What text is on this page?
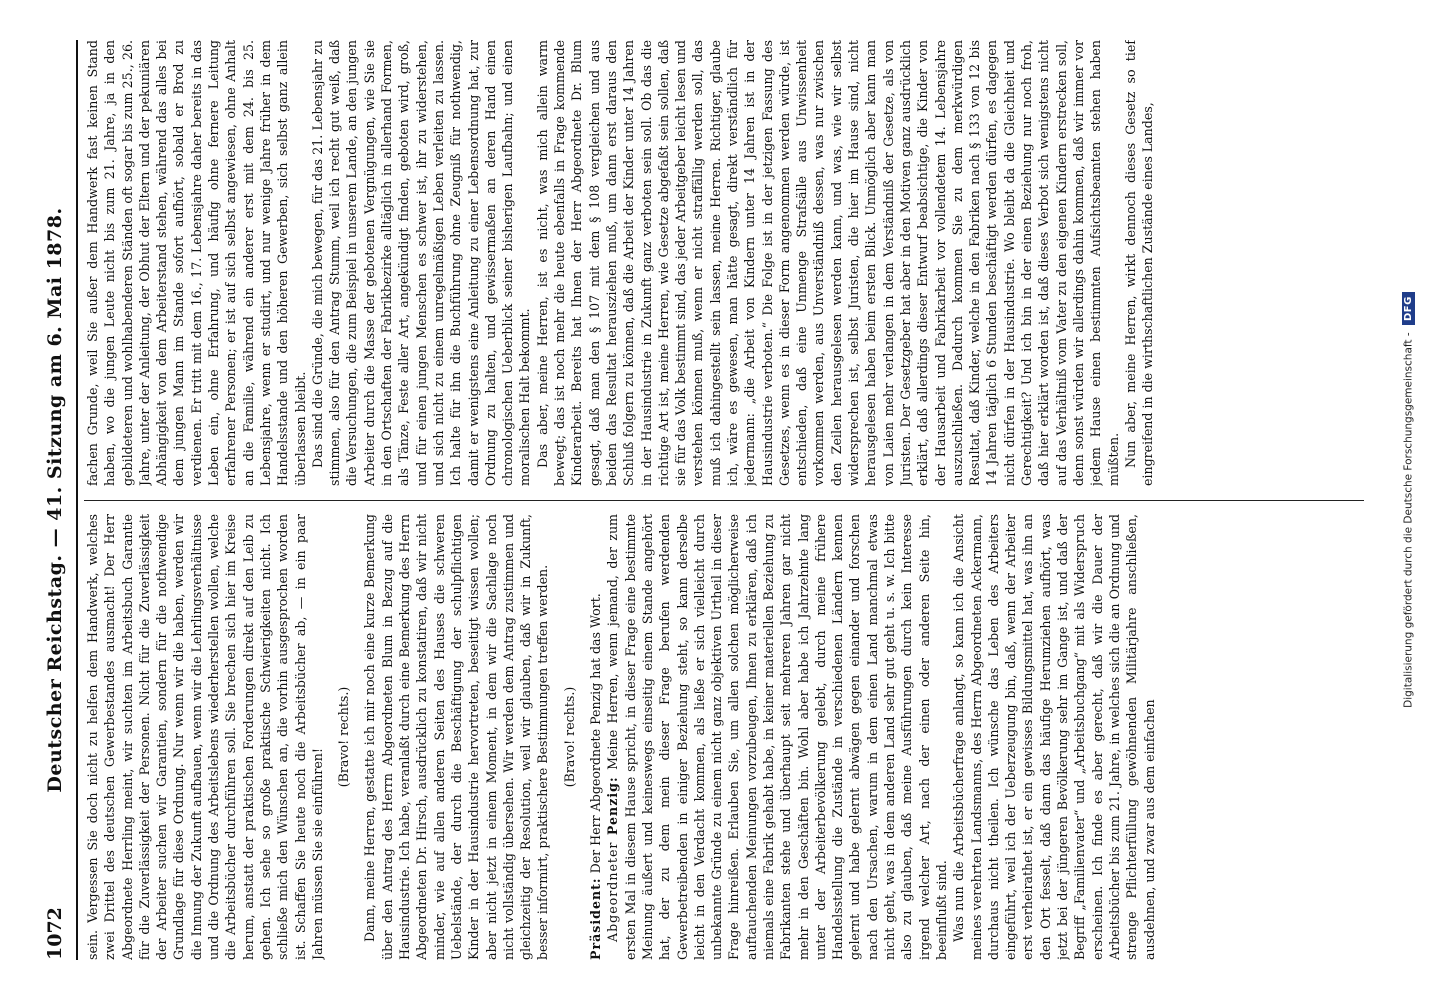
1072
Deutscher Reichstag. — 41. Sitzung am 6. Mai 1878. sein. Vergessen Sie doch nicht zu helfen dem Handwerk, welches zwei Drittel des deutschen Gewerbestandes ausmacht! Der Herr Abgeordnete Herrling meint, wir suchten im Arbeitsbuch Garantie für die Zuverlässigkeit der Personen. Nicht für die Zuverlässigkeit der Arbeiter suchen wir Garantien, sondern für die nothwendige Grundlage für diese Ordnung. Nur wenn wir die haben, werden wir die Innung der Zukunft aufbauen, wenn wir die Lehrlingsverhältnisse und die Ordnung des Arbeitslebens wiederherstellen wollen, welche die Arbeitsbücher durchführen soll. Sie brechen sich hier im Kreise herum, anstatt der praktischen Forderungen direkt auf den Leib zu gehen. Ich sehe so große praktische Schwierigkeiten nicht. Ich schließe mich den Wünschen an, die vorhin ausgesprochen worden ist. Schaffen Sie heute noch die Arbeitsbücher ab, — in ein paar Jahren müssen Sie sie einführen!

(Bravo! rechts.) Dann, meine Herren, gestatte ich mir noch eine kurze Bemerkung über den Antrag des Herrn Abgeordneten Blum in Bezug auf die Hausindustrie. Ich habe, veranlaßt durch eine Bemerkung des Herrn Abgeordneten Dr. Hirsch, ausdrücklich zu konstatiren, daß wir nicht minder, wie auf allen anderen Seiten des Hauses die schweren Uebelstände, der durch die Beschäftigung der schulpflichtigen Kinder in der Hausindustrie hervortreten, beseitigt wissen wollen; aber nicht jetzt in einem Moment, in dem wir die Sachlage noch nicht vollständig übersehen. Wir werden dem Antrag zustimmen und gleichzeitig der Resolution, weil wir glauben, daß wir in Zukunft, besser informirt, praktischere Bestimmungen treffen werden. (Bravo! rechts.)

Präsident: Der Herr Abgeordnete Penzig hat das Wort.

Abgeordneter Penzig: Meine Herren, wenn jemand, der zum ersten Mal in diesem Hause spricht, in dieser Frage eine bestimmte Meinung äußert und keineswegs einseitig einem Stande angehört hat, der zu dem mein dieser Frage berufen werdenden Gewerbetreibenden in einiger Beziehung steht, so kann derselbe leicht in den Verdacht kommen, als ließe er sich vielleicht durch unbekannte Gründe zu einem nicht ganz objektiven Urtheil in dieser Frage hinreißen. Erlauben Sie, um allen solchen möglicherweise auftauchenden Meinungen vorzubeugen, Ihnen zu erklären, daß ich niemals eine Fabrik gehabt habe, in keiner materiellen Beziehung zu Fabrikanten stehe und überhaupt seit mehreren Jahren gar nicht mehr in den Geschäften bin. Wohl aber habe ich Jahrzehnte lang unter der Arbeiterbevölkerung gelebt, durch meine frühere Handelsstellung die Zustände in verschiedenen Ländern kennen gelernt und habe gelernt abwägen gegen einander und forschen nach den Ursachen, warum in dem einen Land manchmal etwas nicht geht, was in dem anderen Land sehr gut geht u. s. w. Ich bitte also zu glauben, daß meine Ausführungen durch kein Interesse irgend welcher Art, nach der einen oder anderen Seite hin, beeinflußt sind. Was nun die Arbeitsbücherfrage anlangt, so kann ich die Ansicht meines verehrten Landsmanns, des Herrn Abgeordneten Ackermann, durchaus nicht theilen. Ich wünsche das Leben des Arbeiters eingeführt, weil ich der Ueberzeugung bin, daß, wenn der Arbeiter erst verheirathet ist, er ein gewisses Bildungsmittel hat, was ihn an den Ort fesselt, daß dann das häufige Herumziehen aufhört, was jetzt bei der jüngeren Bevölkerung sehr im Gange ist, und daß der Begriff „Familienvater“ und „Arbeitsbuchgang“ mit als Widerspruch erscheinen. Ich finde es aber gerecht, daß wir die Dauer der Arbeitsbücher bis zum 21. Jahre, in welches sich die an Ordnung und strenge Pflichterfüllung gewöhnenden Militärjahre anschließen, ausdehnen, und zwar aus dem einfachen

fachen Grunde, weil Sie außer dem Handwerk fast keinen Stand haben, wo die jungen Leute nicht bis zum 21. Jahre, ja in den gebildeteren und wohlhabenderen Ständen oft sogar bis zum 25., 26. Jahre, unter der Anleitung, der Obhut der Eltern und der pekuniären Abhängigkeit von dem Arbeiterstand stehen, während das alles bei dem jungen Mann im Stande sofort aufhört, sobald er Brod zu verdienen. Er tritt mit dem 16., 17. Lebensjahre daher bereits in das Leben ein, ohne Erfahrung, und häufig ohne fernere Leitung erfahrener Personen; er ist auf sich selbst angewiesen, ohne Anhalt an die Familie, während ein anderer erst mit dem 24. bis 25. Lebensjahre, wenn er studirt, und nur wenige Jahre früher in dem Handelsstande und den höheren Gewerben, sich selbst ganz allein überlassen bleibt. Das sind die Gründe, die mich bewegen, für das 21. Lebensjahr zu stimmen, also für den Antrag Stumm, weil ich recht gut weiß, daß die Versuchungen, die zum Beispiel in unserem Lande, an den jungen Arbeiter durch die Masse der gebotenen Vergnügungen, wie Sie sie in den Ortschaften der Fabrikbezirke alltäglich in allerhand Formen, als Tänze, Feste aller Art, angekündigt finden, geboten wird, groß, und für einen jungen Menschen es schwer ist, ihr zu widerstehen, und sich nicht zu einem unregelmäßigen Leben verleiten zu lassen. Ich halte für ihn die Buchführung ohne Zeugniß für nothwendig, damit er wenigstens eine Anleitung zu einer Lebensordnung hat, zur Ordnung zu halten, und gewissermaßen an deren Hand einen chronologischen Ueberblick seiner bisherigen Laufbahn; und einen moralischen Halt bekommt. Das aber, meine Herren, ist es nicht, was mich allein warm bewegt; das ist noch mehr die heute ebenfalls in Frage kommende Kinderarbeit. Bereits hat Ihnen der Herr Abgeordnete Dr. Blum gesagt, daß man den § 107 mit dem § 108 vergleichen und aus beiden das Resultat herausziehen muß, um dann erst daraus den Schluß folgern zu können, daß die Arbeit der Kinder unter 14 Jahren in der Hausindustrie in Zukunft ganz verboten sein soll. Ob das die richtige Art ist, meine Herren, wie Gesetze abgefaßt sein sollen, daß sie für das Volk bestimmt sind, das jeder Arbeitgeber leicht lesen und verstehen können muß, wenn er nicht straffällig werden soll, das muß ich dahingestellt sein lassen, meine Herren. Richtiger, glaube ich, wäre es gewesen, man hätte gesagt, direkt verständlich für jedermann: „die Arbeit von Kindern unter 14 Jahren ist in der Hausindustrie verboten.“ Die Folge ist in der jetzigen Fassung des Gesetzes, wenn es in dieser Form angenommen werden würde, ist entschieden, daß eine Unmenge Strafsälle aus Unwissenheit vorkommen werden, aus Unverständniß dessen, was nur zwischen den Zeilen herausgelesen werden kann, und was, wie wir selbst widersprechen ist, selbst Juristen, die hier im Hause sind, nicht herausgelesen haben beim ersten Blick. Unmöglich aber kann man von Laien mehr verlangen in dem Verständniß der Gesetze, als von Juristen. Der Gesetzgeber hat aber in den Motiven ganz ausdrücklich erklärt, daß allerdings dieser Entwurf beabsichtige, die Kinder von der Hausarbeit und Fabrikarbeit vor vollendetem 14. Lebensjahre auszuschließen. Dadurch kommen Sie zu dem merkwürdigen Resultat, daß Kinder, welche in den Fabriken nach § 133 von 12 bis 14 Jahren täglich 6 Stunden beschäftigt werden dürfen, es dagegen nicht dürfen in der Hausindustrie. Wo bleibt da die Gleichheit und Gerechtigkeit? Und ich bin in der einen Beziehung nur noch froh, daß hier erklärt worden ist, daß dieses Verbot sich wenigstens nicht auf das Verhältniß vom Vater zu den eigenen Kindern erstrecken soll, denn sonst würden wir allerdings dahin kommen, daß wir immer vor jedem Hause einen bestimmten Aufsichtsbeamten stehen haben müßten. Nun aber, meine Herren, wirkt dennoch dieses Gesetz so tief eingreifend in die wirthschaftlichen Zustände eines Landes,

Digitalisierung gefördert durch die Deutsche Forschungsgemeinschaft - DFG
